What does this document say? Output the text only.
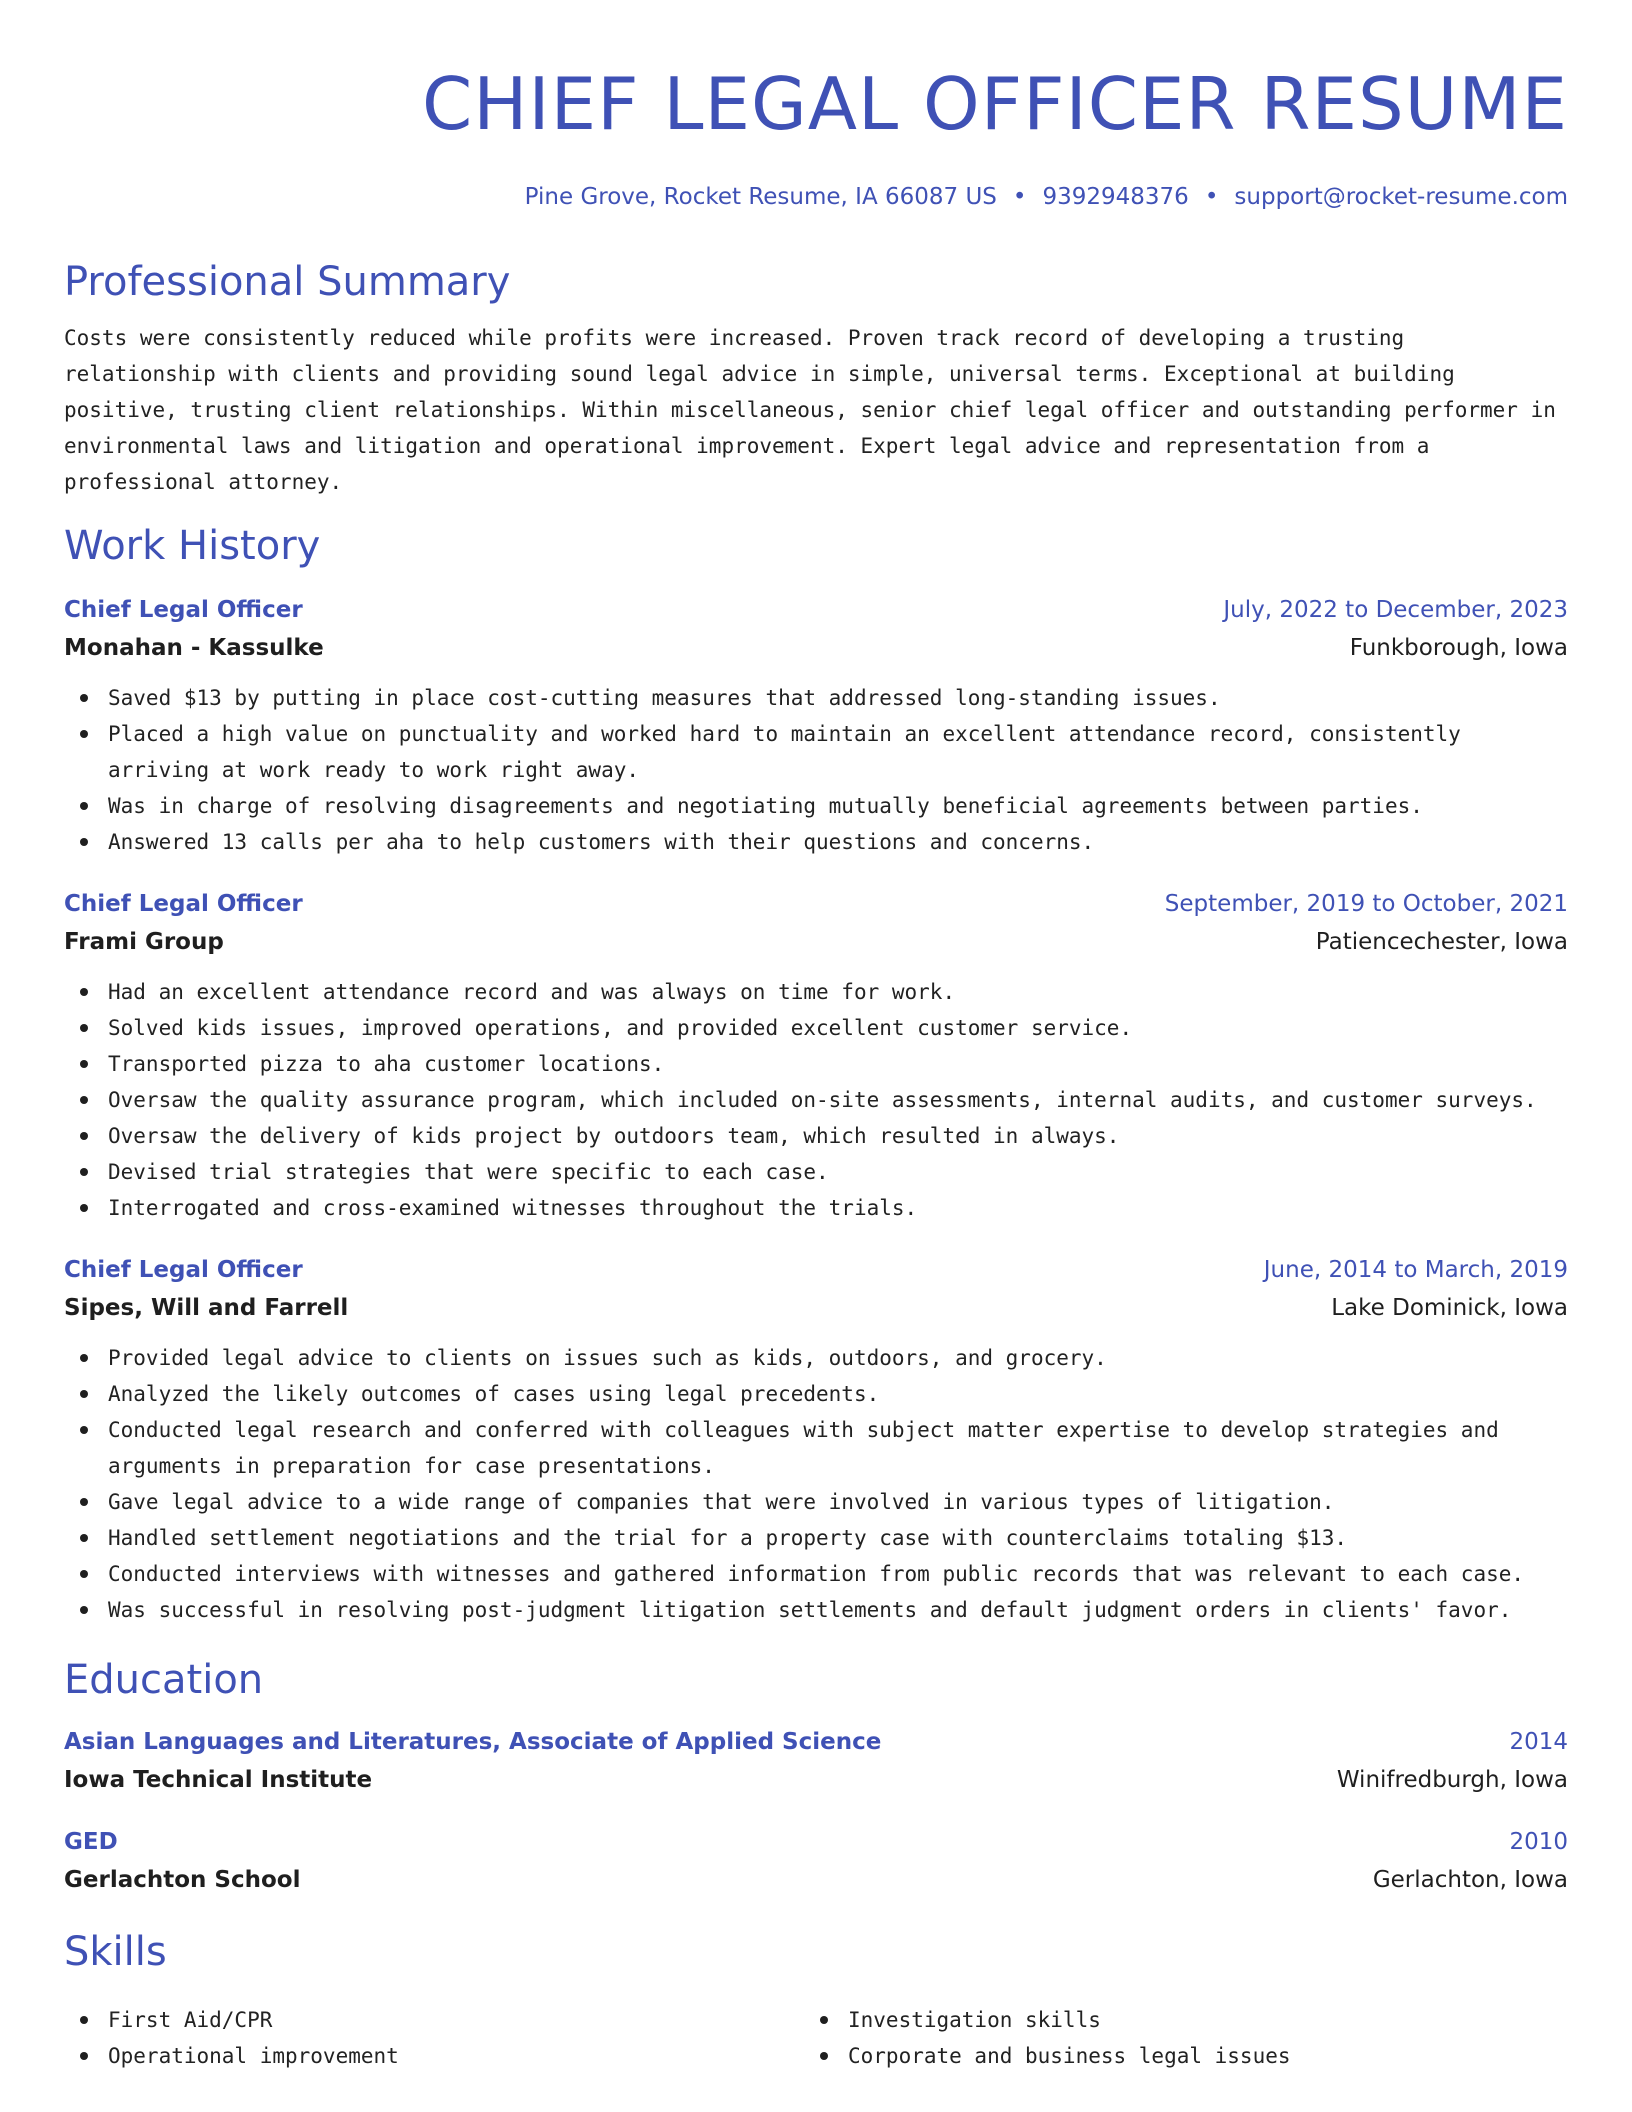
CHIEF LEGAL OFFICER RESUME
Pine Grove, Rocket Resume, IA 66087 US • 9392948376 • support@rocket-resume.com
Professional Summary

Costs were consistently reduced while profits were increased. Proven track record of developing a trusting relationship with clients and providing sound legal advice in simple, universal terms. Exceptional at building positive, trusting client relationships. Within miscellaneous, senior chief legal officer and outstanding performer in environmental laws and litigation and operational improvement. Expert legal advice and representation from a professional attorney.

Work History
Chief Legal Officer	July, 2022 to December, 2023
Monahan - Kassulke	Funkborough, Iowa
Saved $13 by putting in place cost-cutting measures that addressed long-standing issues.
Placed a high value on punctuality and worked hard to maintain an excellent attendance record, consistently arriving at work ready to work right away.
Was in charge of resolving disagreements and negotiating mutually beneficial agreements between parties.
Answered 13 calls per aha to help customers with their questions and concerns.
Chief Legal Officer	September, 2019 to October, 2021
Frami Group	Patiencechester, Iowa
Had an excellent attendance record and was always on time for work.
Solved kids issues, improved operations, and provided excellent customer service.
Transported pizza to aha customer locations.
Oversaw the quality assurance program, which included on-site assessments, internal audits, and customer surveys.
Oversaw the delivery of kids project by outdoors team, which resulted in always.
Devised trial strategies that were specific to each case.
Interrogated and cross-examined witnesses throughout the trials.
Chief Legal Officer	June, 2014 to March, 2019
Sipes, Will and Farrell	Lake Dominick, Iowa
Provided legal advice to clients on issues such as kids, outdoors, and grocery.
Analyzed the likely outcomes of cases using legal precedents.
Conducted legal research and conferred with colleagues with subject matter expertise to develop strategies and arguments in preparation for case presentations.
Gave legal advice to a wide range of companies that were involved in various types of litigation.
Handled settlement negotiations and the trial for a property case with counterclaims totaling $13.
Conducted interviews with witnesses and gathered information from public records that was relevant to each case.
Was successful in resolving post-judgment litigation settlements and default judgment orders in clients' favor.
Education
Asian Languages and Literatures, Associate of Applied Science	2014
Iowa Technical Institute	Winifredburgh, Iowa
GED	2010
Gerlachton School	Gerlachton, Iowa
Skills
First Aid/CPR
Operational improvement
Investigation skills
Corporate and business legal issues
